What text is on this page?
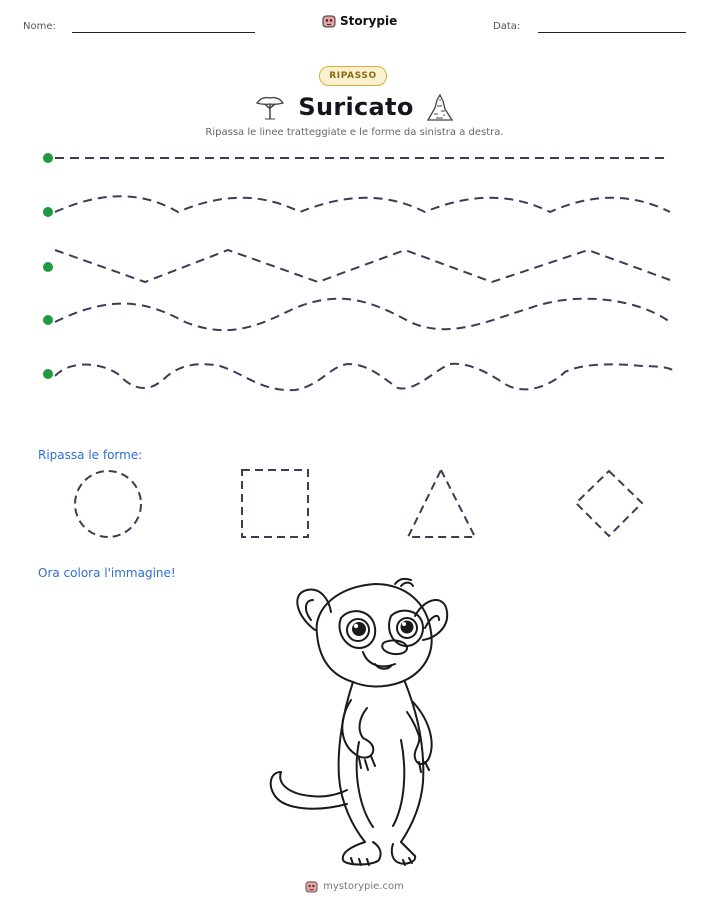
Nome:	Storypie	Data:
RIPASSO
Suricato
Ripassa le linee tratteggiate e le forme da sinistra a destra.
Ripassa le forme:
Ora colora l'immagine!
mystorypie.com
